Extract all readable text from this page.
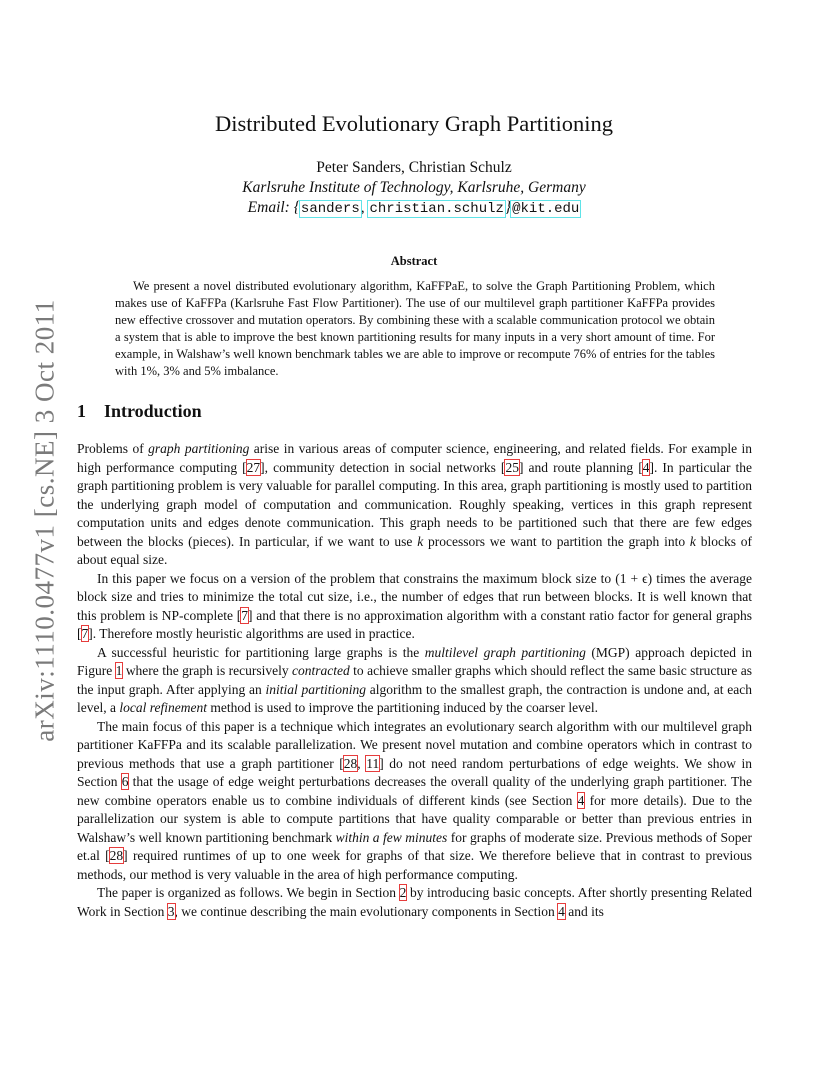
arXiv:1110.0477v1 [cs.NE] 3 Oct 2011
Distributed Evolutionary Graph Partitioning
Peter Sanders, Christian Schulz
Karlsruhe Institute of Technology, Karlsruhe, Germany
Email: {sanders, christian.schulz}@kit.edu
Abstract

We present a novel distributed evolutionary algorithm, KaFFPaE, to solve the Graph Partitioning Problem, which makes use of KaFFPa (Karlsruhe Fast Flow Partitioner). The use of our multilevel graph partitioner KaFFPa provides new effective crossover and mutation operators. By combining these with a scalable communication protocol we obtain a system that is able to improve the best known partitioning results for many inputs in a very short amount of time. For example, in Walshaw’s well known benchmark tables we are able to improve or recompute 76% of entries for the tables with 1%, 3% and 5% imbalance.

1 Introduction

Problems of graph partitioning arise in various areas of computer science, engineering, and related fields. For example in high performance computing [27], community detection in social networks [25] and route planning [4]. In particular the graph partitioning problem is very valuable for parallel computing. In this area, graph partitioning is mostly used to partition the underlying graph model of computation and communication. Roughly speaking, vertices in this graph represent computation units and edges denote communication. This graph needs to be partitioned such that there are few edges between the blocks (pieces). In particular, if we want to use k processors we want to partition the graph into k blocks of about equal size.

In this paper we focus on a version of the problem that constrains the maximum block size to (1 + ϵ) times the average block size and tries to minimize the total cut size, i.e., the number of edges that run between blocks. It is well known that this problem is NP-complete [7] and that there is no approximation algorithm with a constant ratio factor for general graphs [7]. Therefore mostly heuristic algorithms are used in practice.

A successful heuristic for partitioning large graphs is the multilevel graph partitioning (MGP) approach depicted in Figure 1 where the graph is recursively contracted to achieve smaller graphs which should reflect the same basic structure as the input graph. After applying an initial partitioning algorithm to the smallest graph, the contraction is undone and, at each level, a local refinement method is used to improve the partitioning induced by the coarser level.

The main focus of this paper is a technique which integrates an evolutionary search algorithm with our multilevel graph partitioner KaFFPa and its scalable parallelization. We present novel mutation and combine operators which in contrast to previous methods that use a graph partitioner [28, 11] do not need random perturbations of edge weights. We show in Section 6 that the usage of edge weight perturbations decreases the overall quality of the underlying graph partitioner. The new combine operators enable us to combine individuals of different kinds (see Section 4 for more details). Due to the parallelization our system is able to compute partitions that have quality comparable or better than previous entries in Walshaw’s well known partitioning benchmark within a few minutes for graphs of moderate size. Previous methods of Soper et.al [28] required runtimes of up to one week for graphs of that size. We therefore believe that in contrast to previous methods, our method is very valuable in the area of high performance computing.

The paper is organized as follows. We begin in Section 2 by introducing basic concepts. After shortly presenting Related Work in Section 3, we continue describing the main evolutionary components in Section 4 and its
